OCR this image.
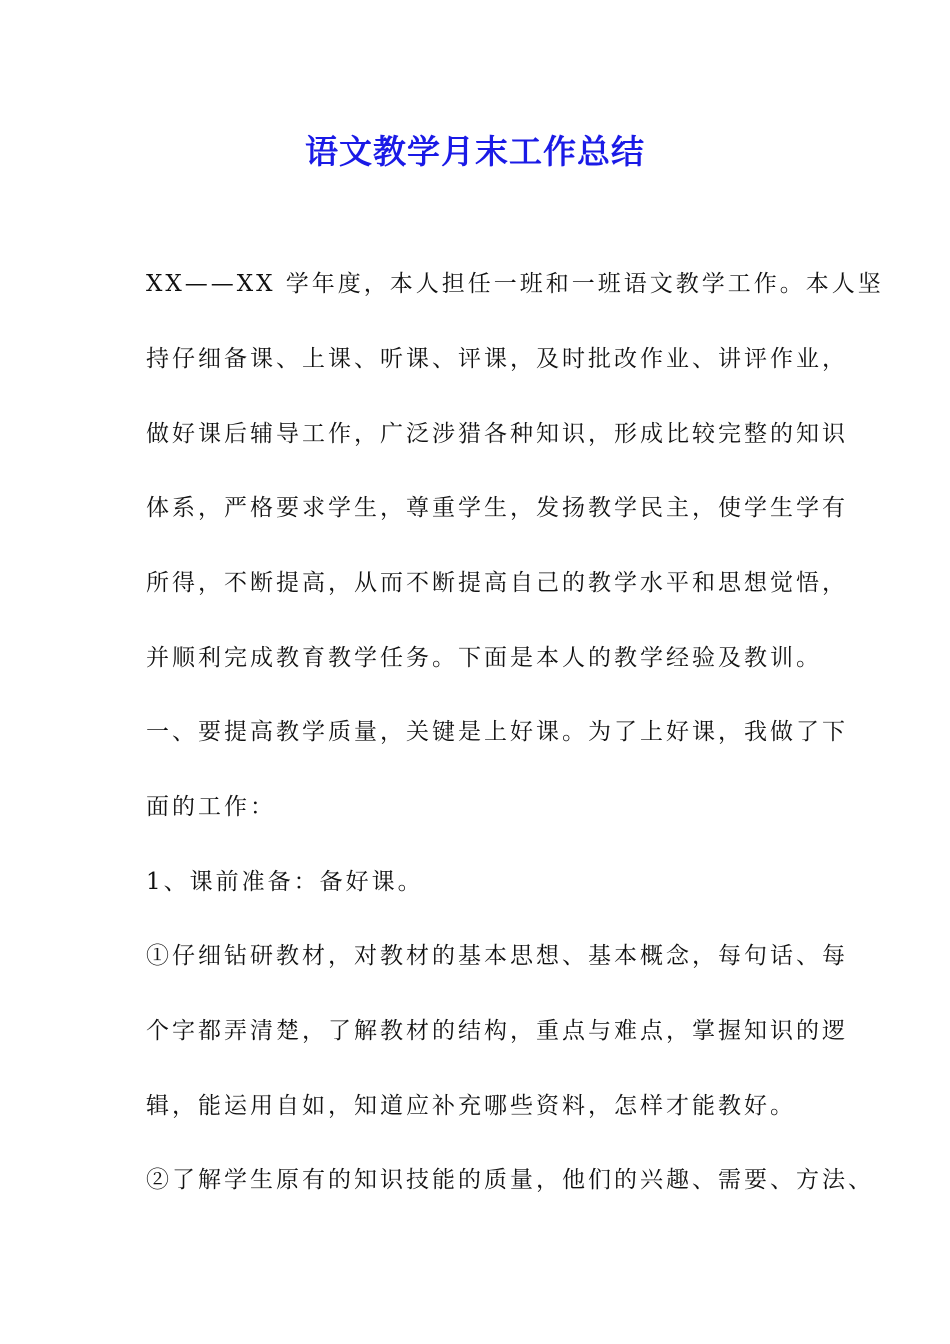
语文教学月末工作总结
XX——XX 学年度，本人担任一班和一班语文教学工作。本人坚
持仔细备课、上课、听课、评课，及时批改作业、讲评作业，
做好课后辅导工作，广泛涉猎各种知识，形成比较完整的知识
体系，严格要求学生，尊重学生，发扬教学民主，使学生学有
所得，不断提高，从而不断提高自己的教学水平和思想觉悟，
并顺利完成教育教学任务。下面是本人的教学经验及教训。
一、要提高教学质量，关键是上好课。为了上好课，我做了下
面的工作：
1、课前准备：备好课。
①仔细钻研教材，对教材的基本思想、基本概念，每句话、每
个字都弄清楚，了解教材的结构，重点与难点，掌握知识的逻
辑，能运用自如，知道应补充哪些资料，怎样才能教好。
②了解学生原有的知识技能的质量，他们的兴趣、需要、方法、
